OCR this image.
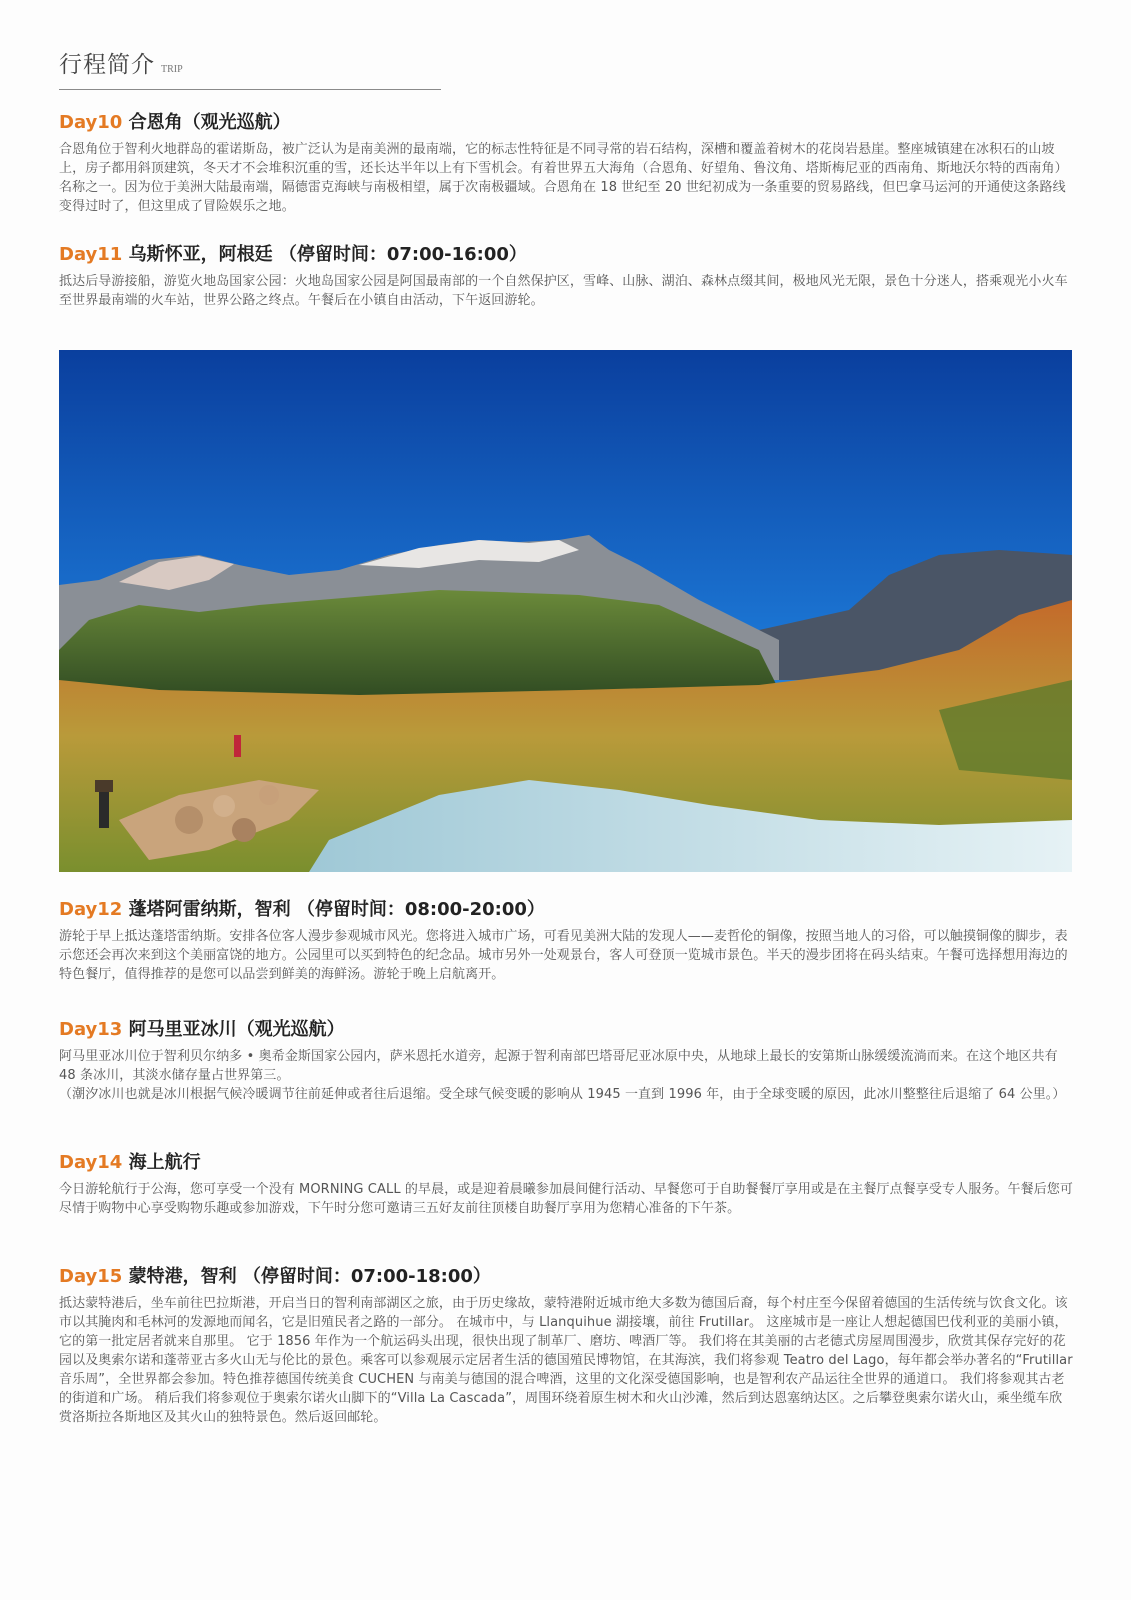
行程简介 TRIP
Day10 合恩角（观光巡航）

合恩角位于智利火地群岛的霍诺斯岛，被广泛认为是南美洲的最南端，它的标志性特征是不同寻常的岩石结构，深槽和覆盖着树木的花岗岩悬崖。整座城镇建在冰积石的山坡上，房子都用斜顶建筑，冬天才不会堆积沉重的雪，还长达半年以上有下雪机会。有着世界五大海角（合恩角、好望角、鲁汶角、塔斯梅尼亚的西南角、斯地沃尔特的西南角）名称之一。因为位于美洲大陆最南端，隔德雷克海峡与南极相望，属于次南极疆域。合恩角在 18 世纪至 20 世纪初成为一条重要的贸易路线，但巴拿马运河的开通使这条路线变得过时了，但这里成了冒险娱乐之地。

Day11 乌斯怀亚，阿根廷 （停留时间：07:00-16:00）

抵达后导游接船，游览火地岛国家公园：火地岛国家公园是阿国最南部的一个自然保护区，雪峰、山脉、湖泊、森林点缀其间，极地风光无限，景色十分迷人，搭乘观光小火车至世界最南端的火车站，世界公路之终点。午餐后在小镇自由活动，下午返回游轮。

Day12 蓬塔阿雷纳斯，智利 （停留时间：08:00-20:00）

游轮于早上抵达蓬塔雷纳斯。安排各位客人漫步参观城市风光。您将进入城市广场，可看见美洲大陆的发现人——麦哲伦的铜像，按照当地人的习俗，可以触摸铜像的脚步，表示您还会再次来到这个美丽富饶的地方。公园里可以买到特色的纪念品。城市另外一处观景台，客人可登顶一览城市景色。半天的漫步团将在码头结束。午餐可选择想用海边的特色餐厅，值得推荐的是您可以品尝到鲜美的海鲜汤。游轮于晚上启航离开。

Day13 阿马里亚冰川（观光巡航）

阿马里亚冰川位于智利贝尔纳多 • 奥希金斯国家公园内，萨米恩托水道旁，起源于智利南部巴塔哥尼亚冰原中央，从地球上最长的安第斯山脉缓缓流淌而来。在这个地区共有 48 条冰川，其淡水储存量占世界第三。

（潮汐冰川也就是冰川根据气候冷暖调节往前延伸或者往后退缩。受全球气候变暖的影响从 1945 一直到 1996 年，由于全球变暖的原因，此冰川整整往后退缩了 64 公里。）

Day14 海上航行

今日游轮航行于公海，您可享受一个没有 MORNING CALL 的早晨，或是迎着晨曦参加晨间健行活动、早餐您可于自助餐餐厅享用或是在主餐厅点餐享受专人服务。午餐后您可尽情于购物中心享受购物乐趣或参加游戏，下午时分您可邀请三五好友前往顶楼自助餐厅享用为您精心准备的下午茶。

Day15 蒙特港，智利 （停留时间：07:00-18:00）

抵达蒙特港后，坐车前往巴拉斯港，开启当日的智利南部湖区之旅，由于历史缘故，蒙特港附近城市绝大多数为德国后裔，每个村庄至今保留着德国的生活传统与饮食文化。该市以其腌肉和毛林河的发源地而闻名，它是旧殖民者之路的一部分。 在城市中，与 Llanquihue 湖接壤，前往 Frutillar。 这座城市是一座让人想起德国巴伐利亚的美丽小镇，它的第一批定居者就来自那里。 它于 1856 年作为一个航运码头出现，很快出现了制革厂、磨坊、啤酒厂等。 我们将在其美丽的古老德式房屋周围漫步，欣赏其保存完好的花园以及奥索尔诺和蓬蒂亚古多火山无与伦比的景色。乘客可以参观展示定居者生活的德国殖民博物馆，在其海滨，我们将参观 Teatro del Lago，每年都会举办著名的“Frutillar 音乐周”，全世界都会参加。特色推荐德国传统美食 CUCHEN 与南美与德国的混合啤酒，这里的文化深受德国影响，也是智利农产品运往全世界的通道口。 我们将参观其古老的街道和广场。 稍后我们将参观位于奥索尔诺火山脚下的“Villa La Cascada”，周围环绕着原生树木和火山沙滩，然后到达恩塞纳达区。之后攀登奥索尔诺火山，乘坐缆车欣赏洛斯拉各斯地区及其火山的独特景色。然后返回邮轮。
